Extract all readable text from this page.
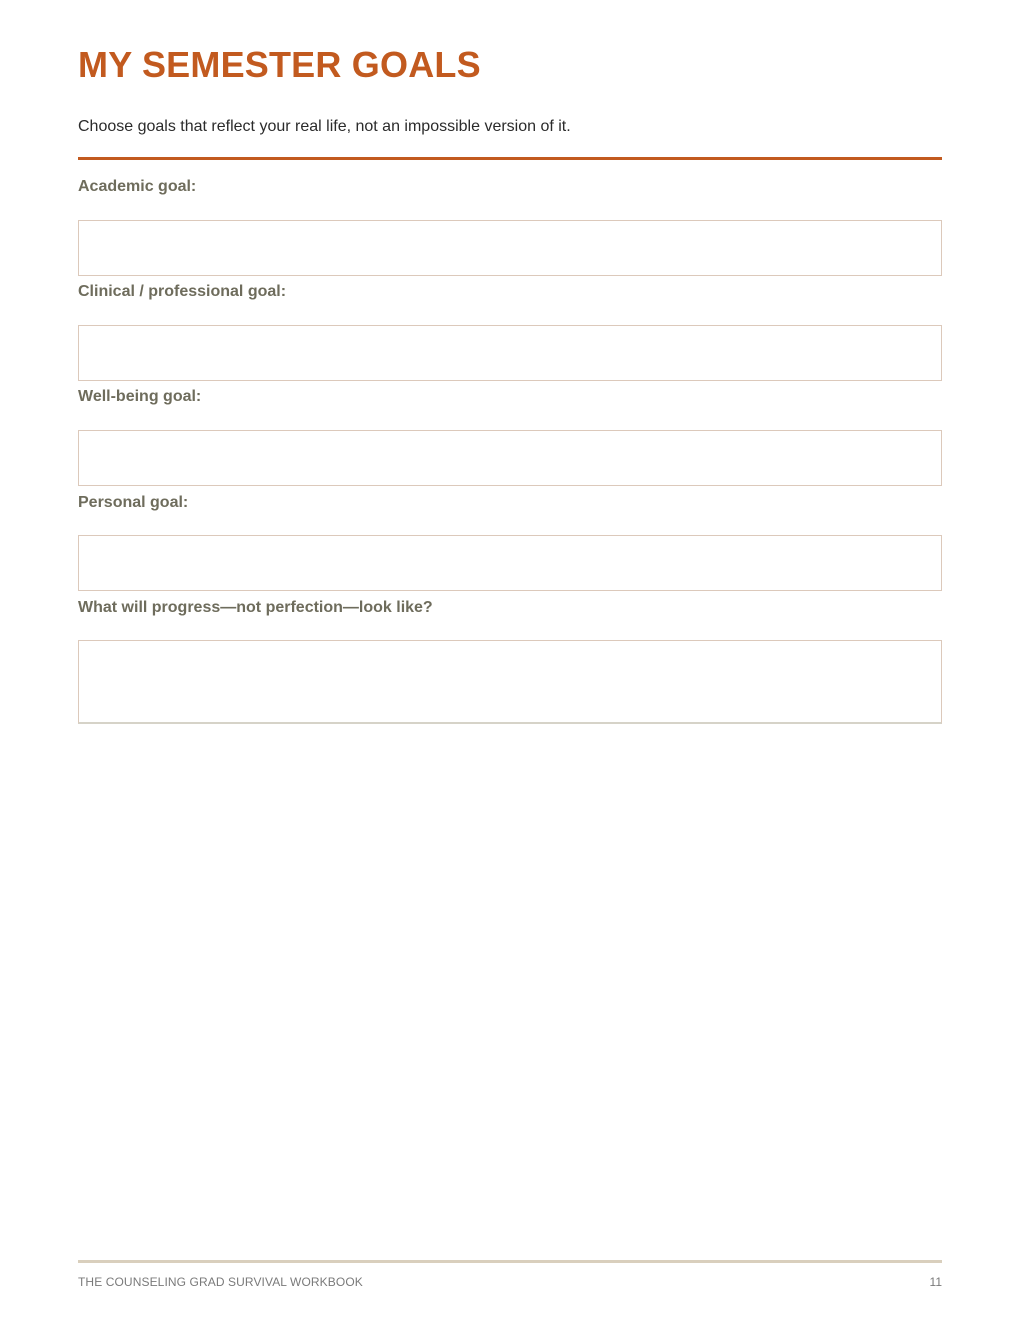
MY SEMESTER GOALS

Choose goals that reflect your real life, not an impossible version of it.

Academic goal:
Clinical / professional goal:
Well-being goal:
Personal goal:
What will progress—not perfection—look like?
THE COUNSELING GRAD SURVIVAL WORKBOOK	11
